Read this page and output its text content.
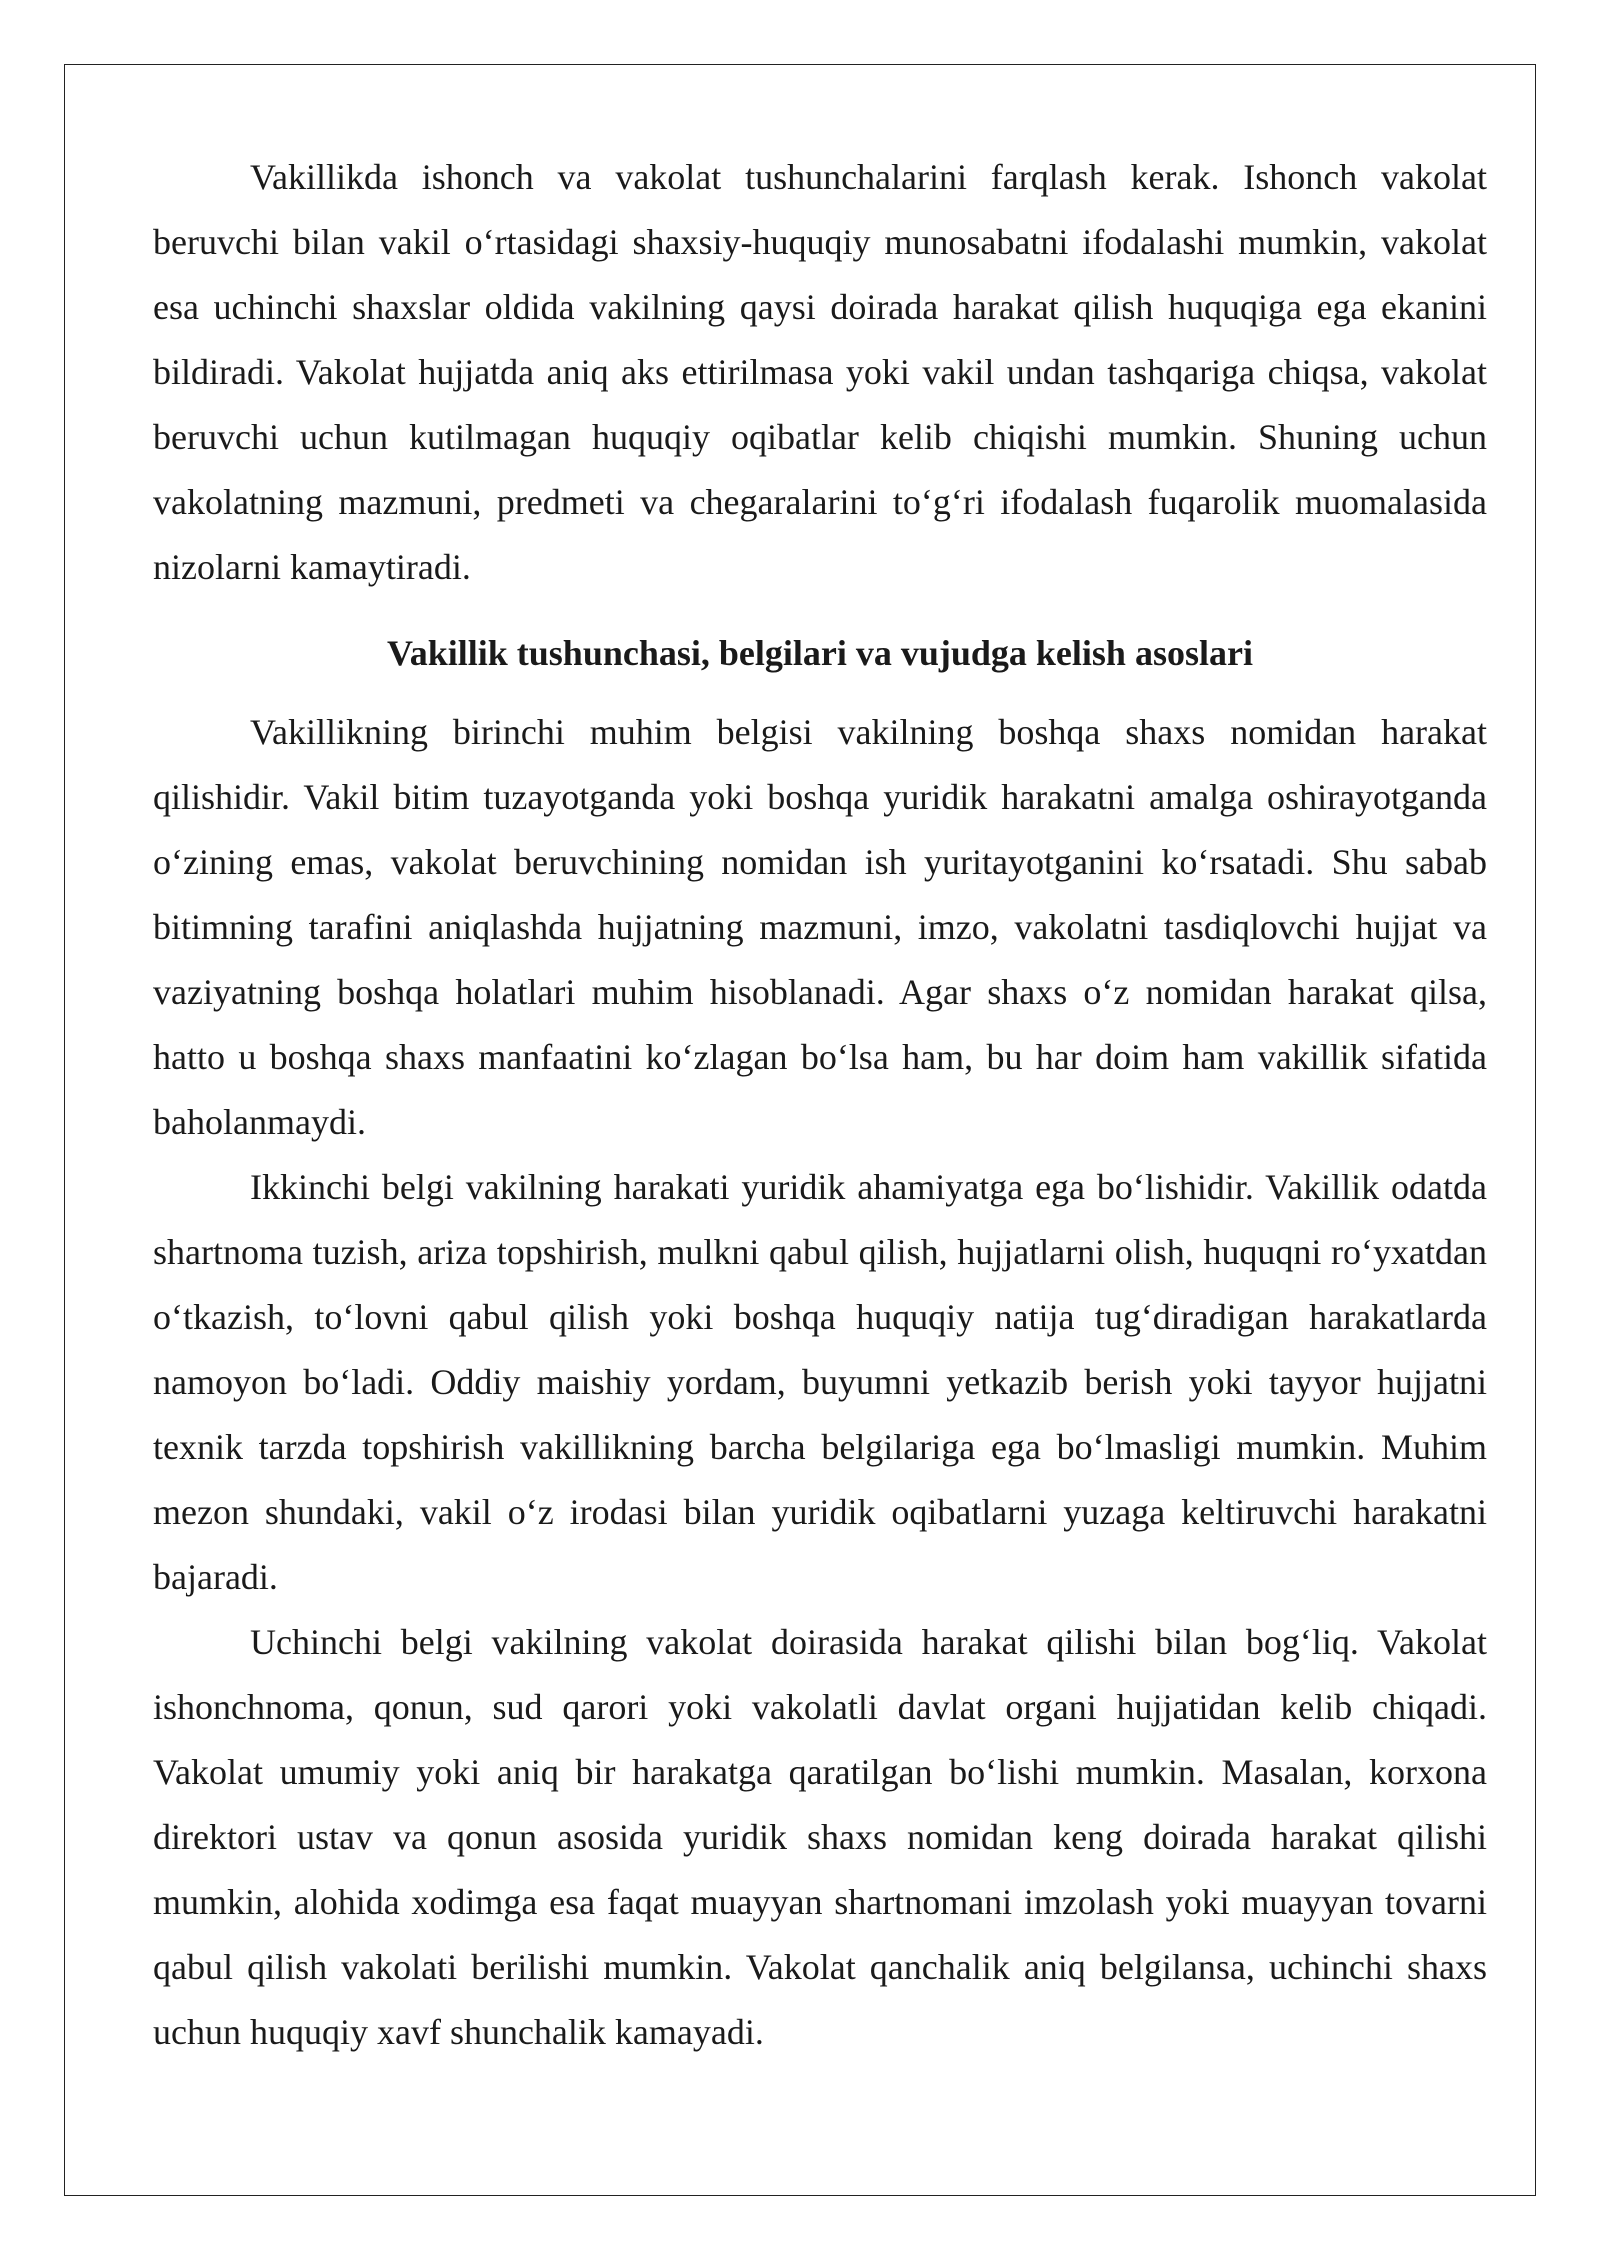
Vakillikda ishonch va vakolat tushunchalarini farqlash kerak. Ishonch vakolat beruvchi bilan vakil o‘rtasidagi shaxsiy-huquqiy munosabatni ifodalashi mumkin, vakolat esa uchinchi shaxslar oldida vakilning qaysi doirada harakat qilish huquqiga ega ekanini bildiradi. Vakolat hujjatda aniq aks ettirilmasa yoki vakil undan tashqariga chiqsa, vakolat beruvchi uchun kutilmagan huquqiy oqibatlar kelib chiqishi mumkin. Shuning uchun vakolatning mazmuni, predmeti va chegaralarini to‘g‘ri ifodalash fuqarolik muomalasida nizolarni kamaytiradi.

Vakillik tushunchasi, belgilari va vujudga kelish asoslari

Vakillikning birinchi muhim belgisi vakilning boshqa shaxs nomidan harakat qilishidir. Vakil bitim tuzayotganda yoki boshqa yuridik harakatni amalga oshirayotganda o‘zining emas, vakolat beruvchining nomidan ish yuritayotganini ko‘rsatadi. Shu sabab bitimning tarafini aniqlashda hujjatning mazmuni, imzo, vakolatni tasdiqlovchi hujjat va vaziyatning boshqa holatlari muhim hisoblanadi. Agar shaxs o‘z nomidan harakat qilsa, hatto u boshqa shaxs manfaatini ko‘zlagan bo‘lsa ham, bu har doim ham vakillik sifatida baholanmaydi.

Ikkinchi belgi vakilning harakati yuridik ahamiyatga ega bo‘lishidir. Vakillik odatda shartnoma tuzish, ariza topshirish, mulkni qabul qilish, hujjatlarni olish, huquqni ro‘yxatdan o‘tkazish, to‘lovni qabul qilish yoki boshqa huquqiy natija tug‘diradigan harakatlarda namoyon bo‘ladi. Oddiy maishiy yordam, buyumni yetkazib berish yoki tayyor hujjatni texnik tarzda topshirish vakillikning barcha belgilariga ega bo‘lmasligi mumkin. Muhim mezon shundaki, vakil o‘z irodasi bilan yuridik oqibatlarni yuzaga keltiruvchi harakatni bajaradi.

Uchinchi belgi vakilning vakolat doirasida harakat qilishi bilan bog‘liq. Vakolat ishonchnoma, qonun, sud qarori yoki vakolatli davlat organi hujjatidan kelib chiqadi. Vakolat umumiy yoki aniq bir harakatga qaratilgan bo‘lishi mumkin. Masalan, korxona direktori ustav va qonun asosida yuridik shaxs nomidan keng doirada harakat qilishi mumkin, alohida xodimga esa faqat muayyan shartnomani imzolash yoki muayyan tovarni qabul qilish vakolati berilishi mumkin. Vakolat qanchalik aniq belgilansa, uchinchi shaxs uchun huquqiy xavf shunchalik kamayadi.
